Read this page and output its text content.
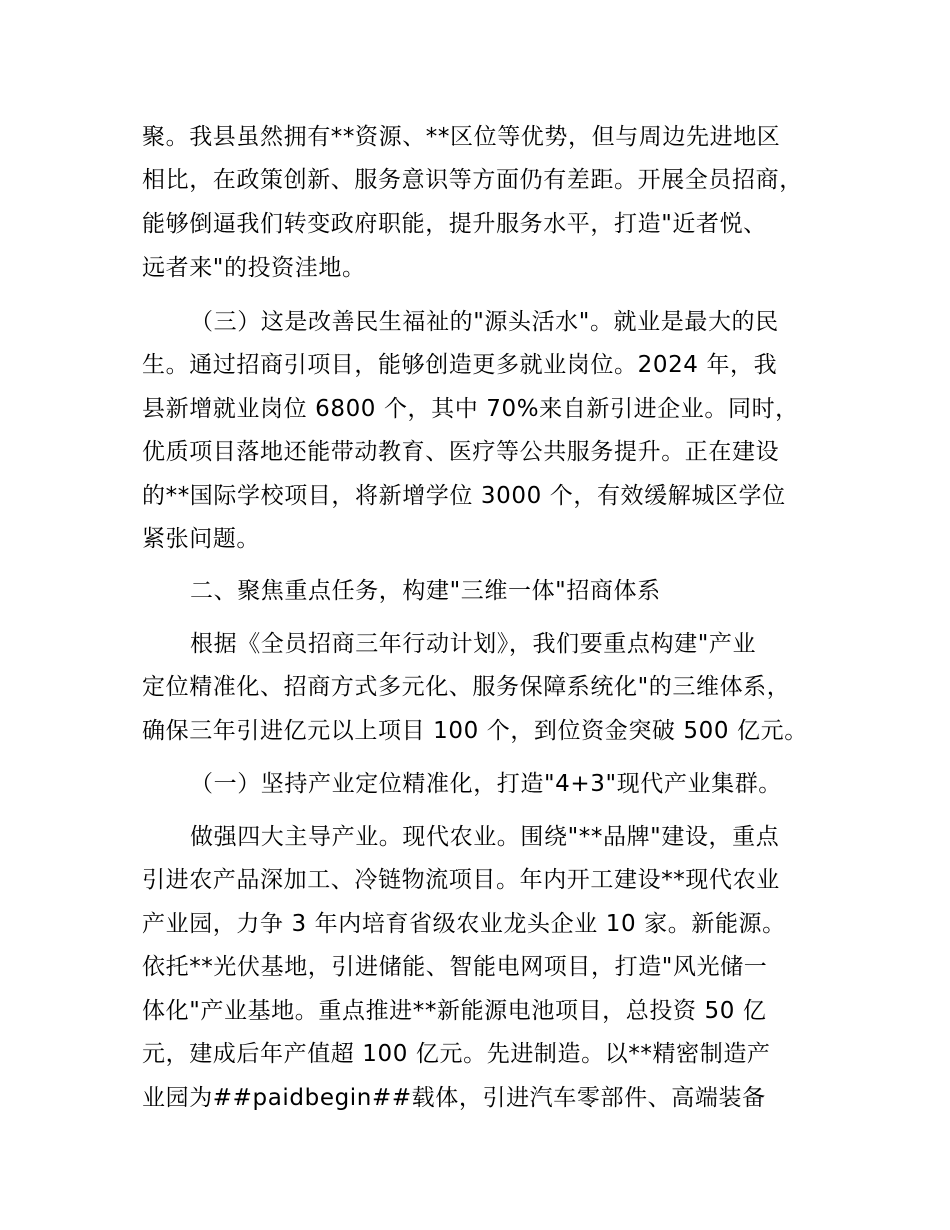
聚。我县虽然拥有**资源、**区位等优势，但与周边先进地区
相比，在政策创新、服务意识等方面仍有差距。开展全员招商，
能够倒逼我们转变政府职能，提升服务水平，打造"近者悦、
远者来"的投资洼地。
（三）这是改善民生福祉的"源头活水"。就业是最大的民
生。通过招商引项目，能够创造更多就业岗位。2024 年，我
县新增就业岗位 6800 个，其中 70%来自新引进企业。同时，
优质项目落地还能带动教育、医疗等公共服务提升。正在建设
的**国际学校项目，将新增学位 3000 个，有效缓解城区学位
紧张问题。
二、聚焦重点任务，构建"三维一体"招商体系
根据《全员招商三年行动计划》，我们要重点构建"产业
定位精准化、招商方式多元化、服务保障系统化"的三维体系，
确保三年引进亿元以上项目 100 个，到位资金突破 500 亿元。
（一）坚持产业定位精准化，打造"4+3"现代产业集群。
做强四大主导产业。现代农业。围绕"**品牌"建设，重点
引进农产品深加工、冷链物流项目。年内开工建设**现代农业
产业园，力争 3 年内培育省级农业龙头企业 10 家。新能源。
依托**光伏基地，引进储能、智能电网项目，打造"风光储一
体化"产业基地。重点推进**新能源电池项目，总投资 50 亿
元，建成后年产值超 100 亿元。先进制造。以**精密制造产
业园为##paidbegin##载体，引进汽车零部件、高端装备
